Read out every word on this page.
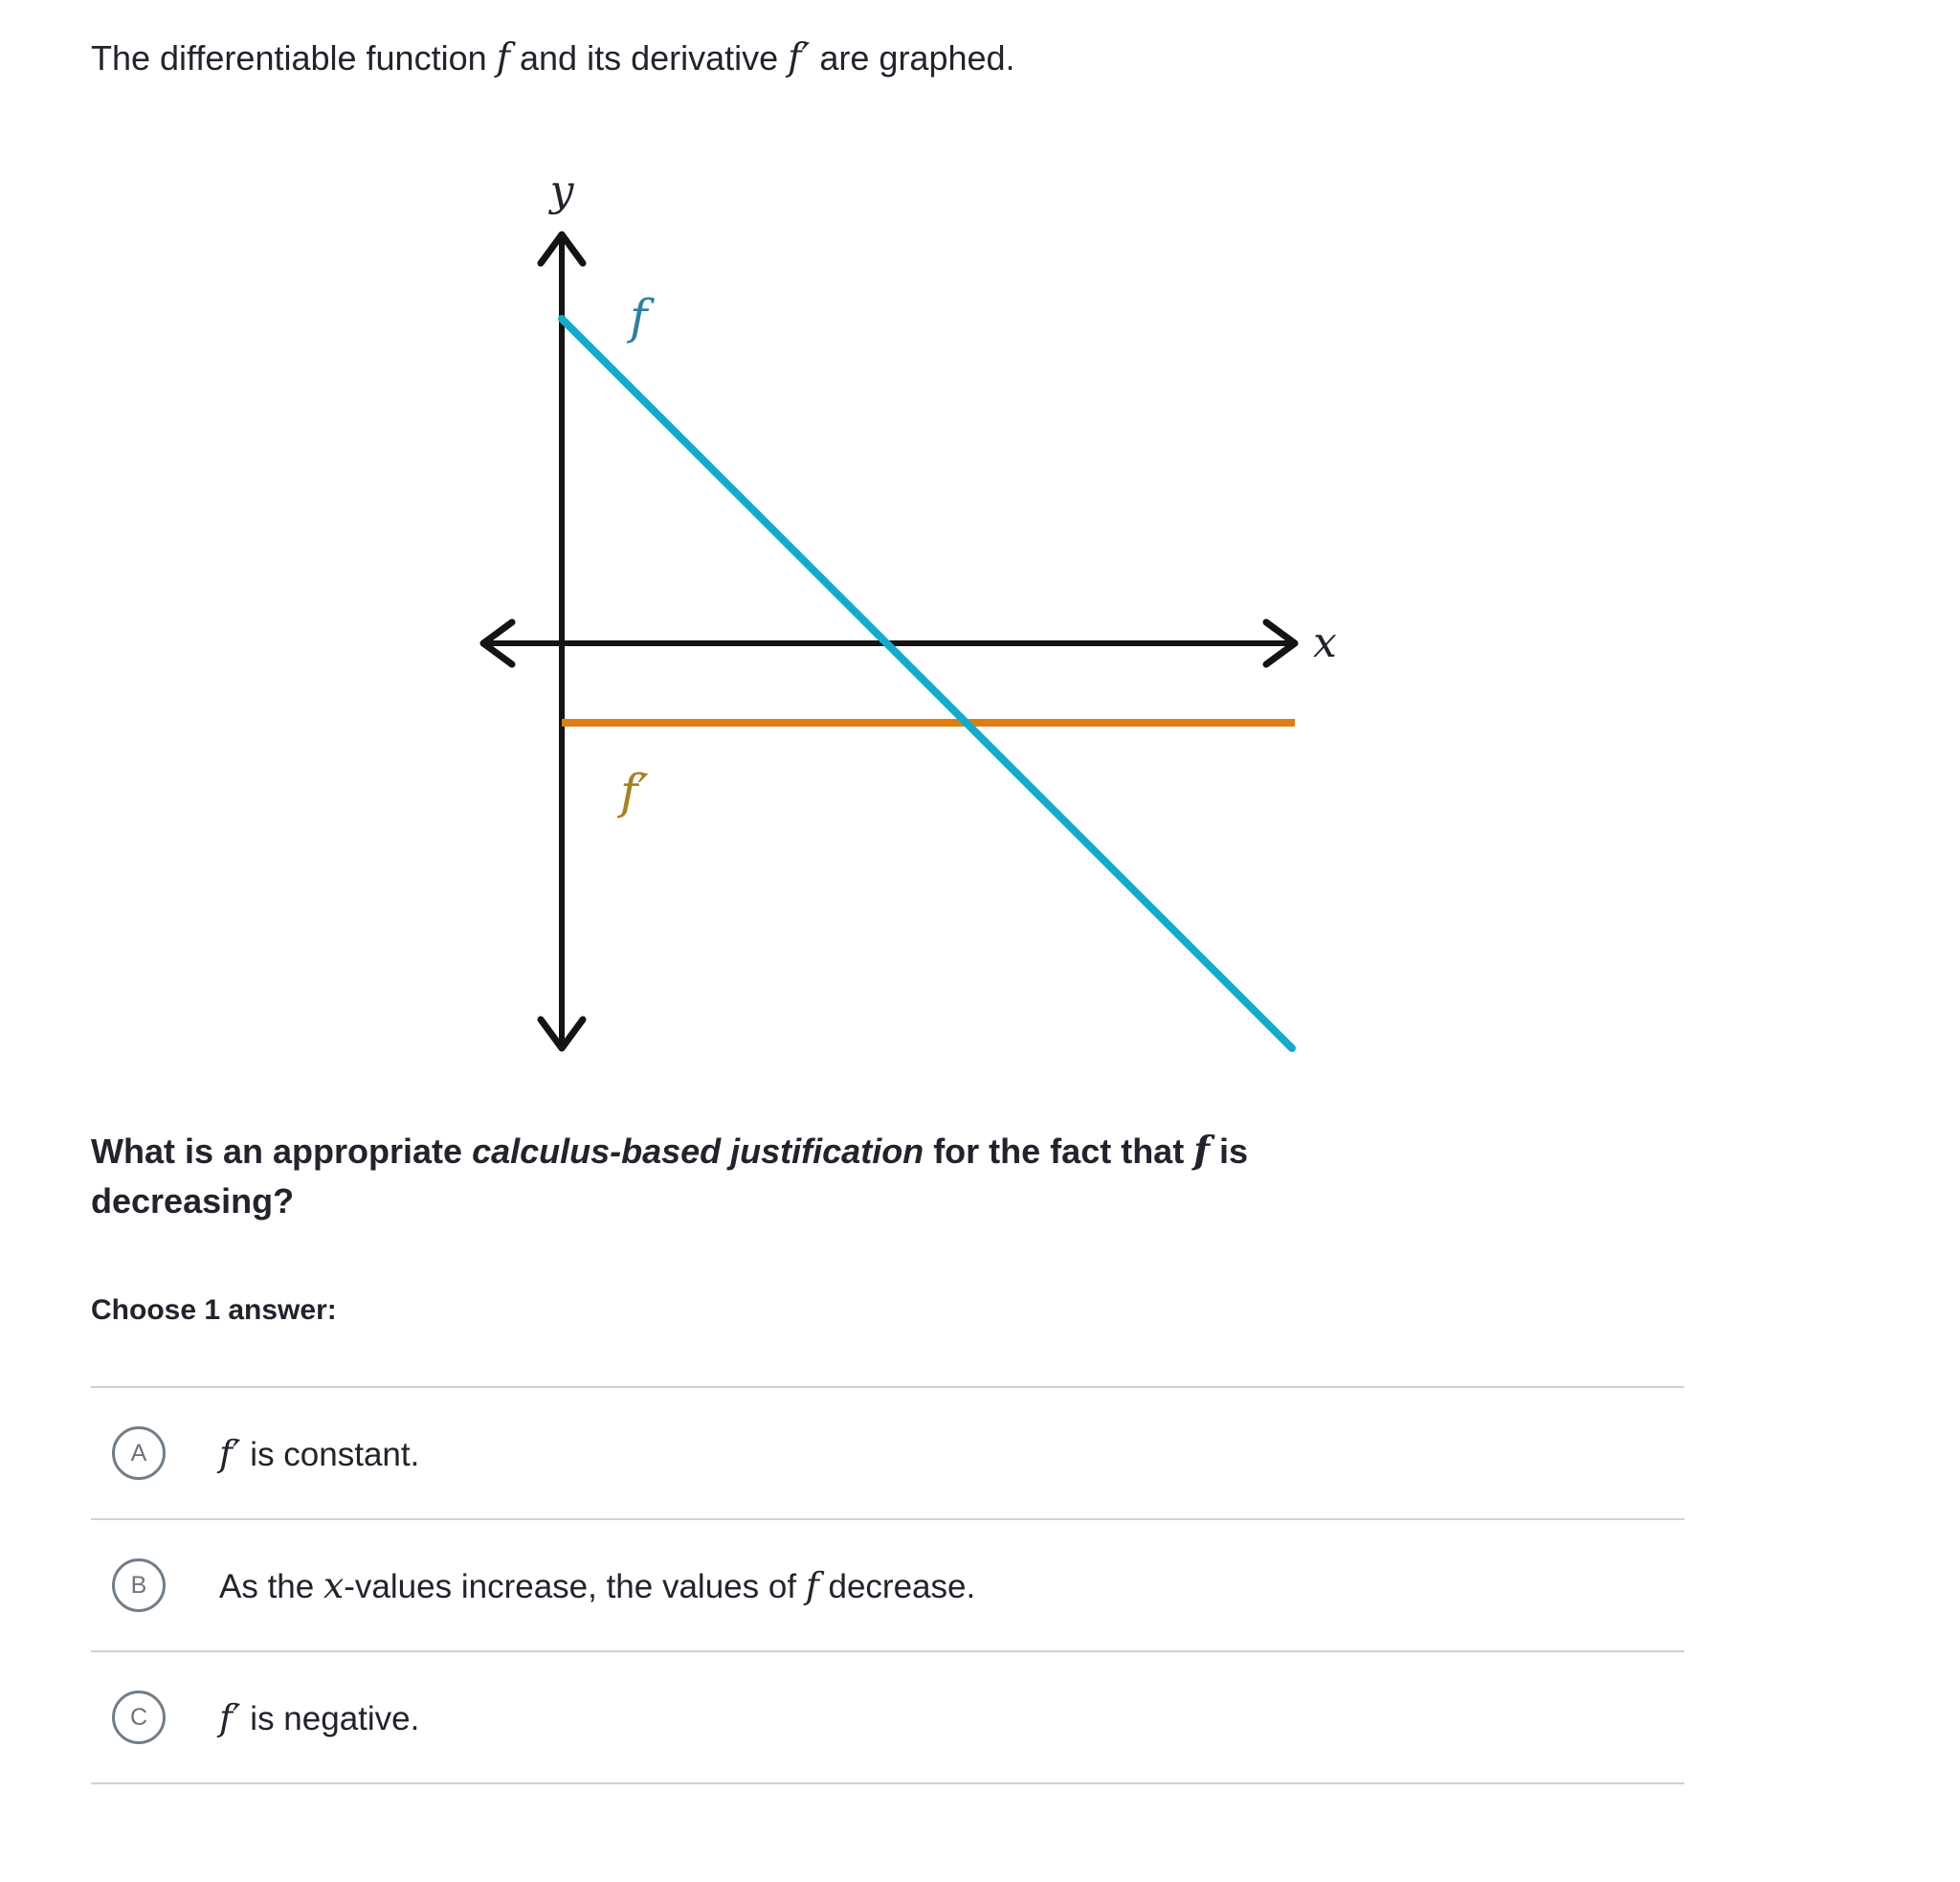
The differentiable function f and its derivative f′ are graphed.
y
x
f
f′
What is an appropriate calculus-based justification for the fact that f is
decreasing?
Choose 1 answer:
A f′ is constant.
B As the x-values increase, the values of f decrease.
C f′ is negative.
